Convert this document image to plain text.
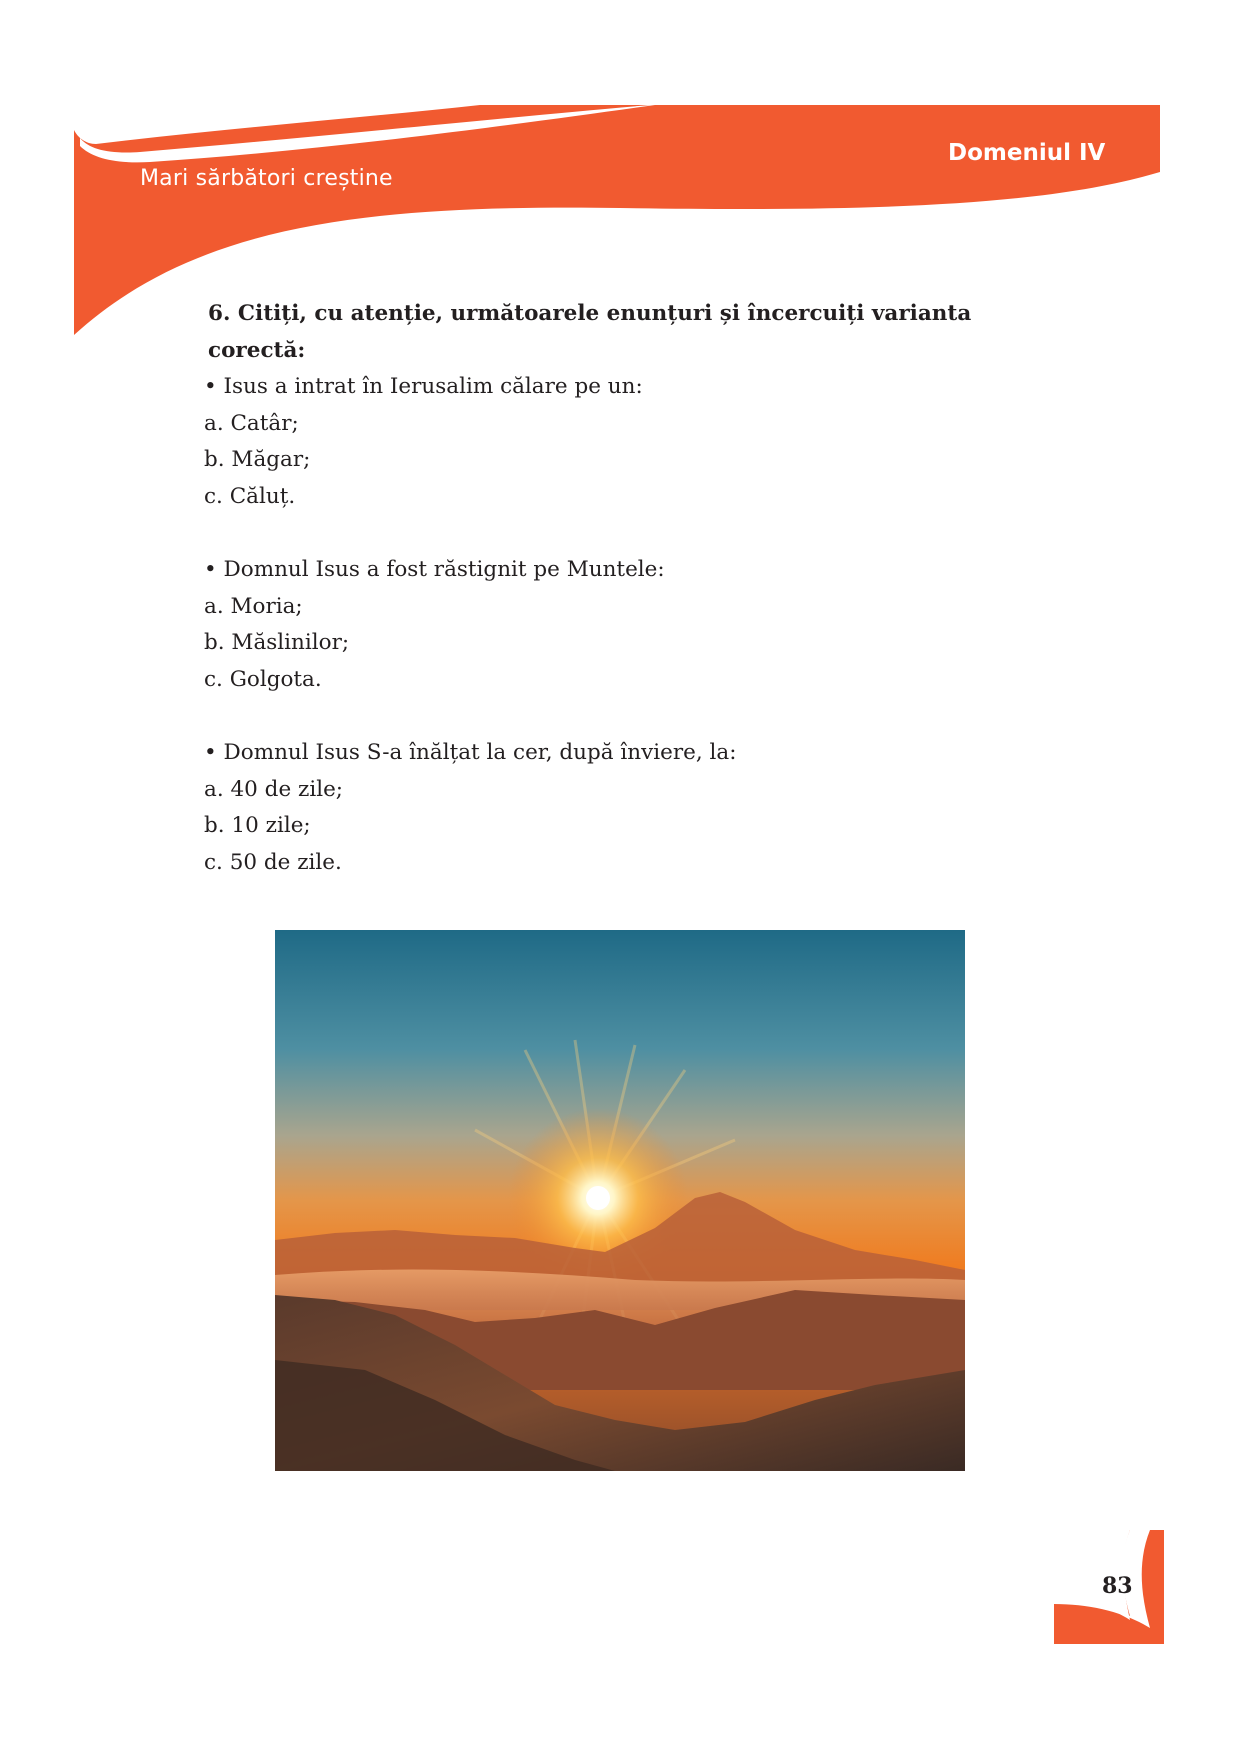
Mari sărbători creștine
Domeniul IV
6. Citiți, cu atenție, următoarele enunțuri și încercuiți varianta corectă:
• Isus a intrat în Ierusalim călare pe un:
a. Catâr;
b. Măgar;
c. Căluț.
• Domnul Isus a fost răstignit pe Muntele:
a. Moria;
b. Măslinilor;
c. Golgota.
• Domnul Isus S-a înălțat la cer, după înviere, la:
a. 40 de zile;
b. 10 zile;
c. 50 de zile.
83
